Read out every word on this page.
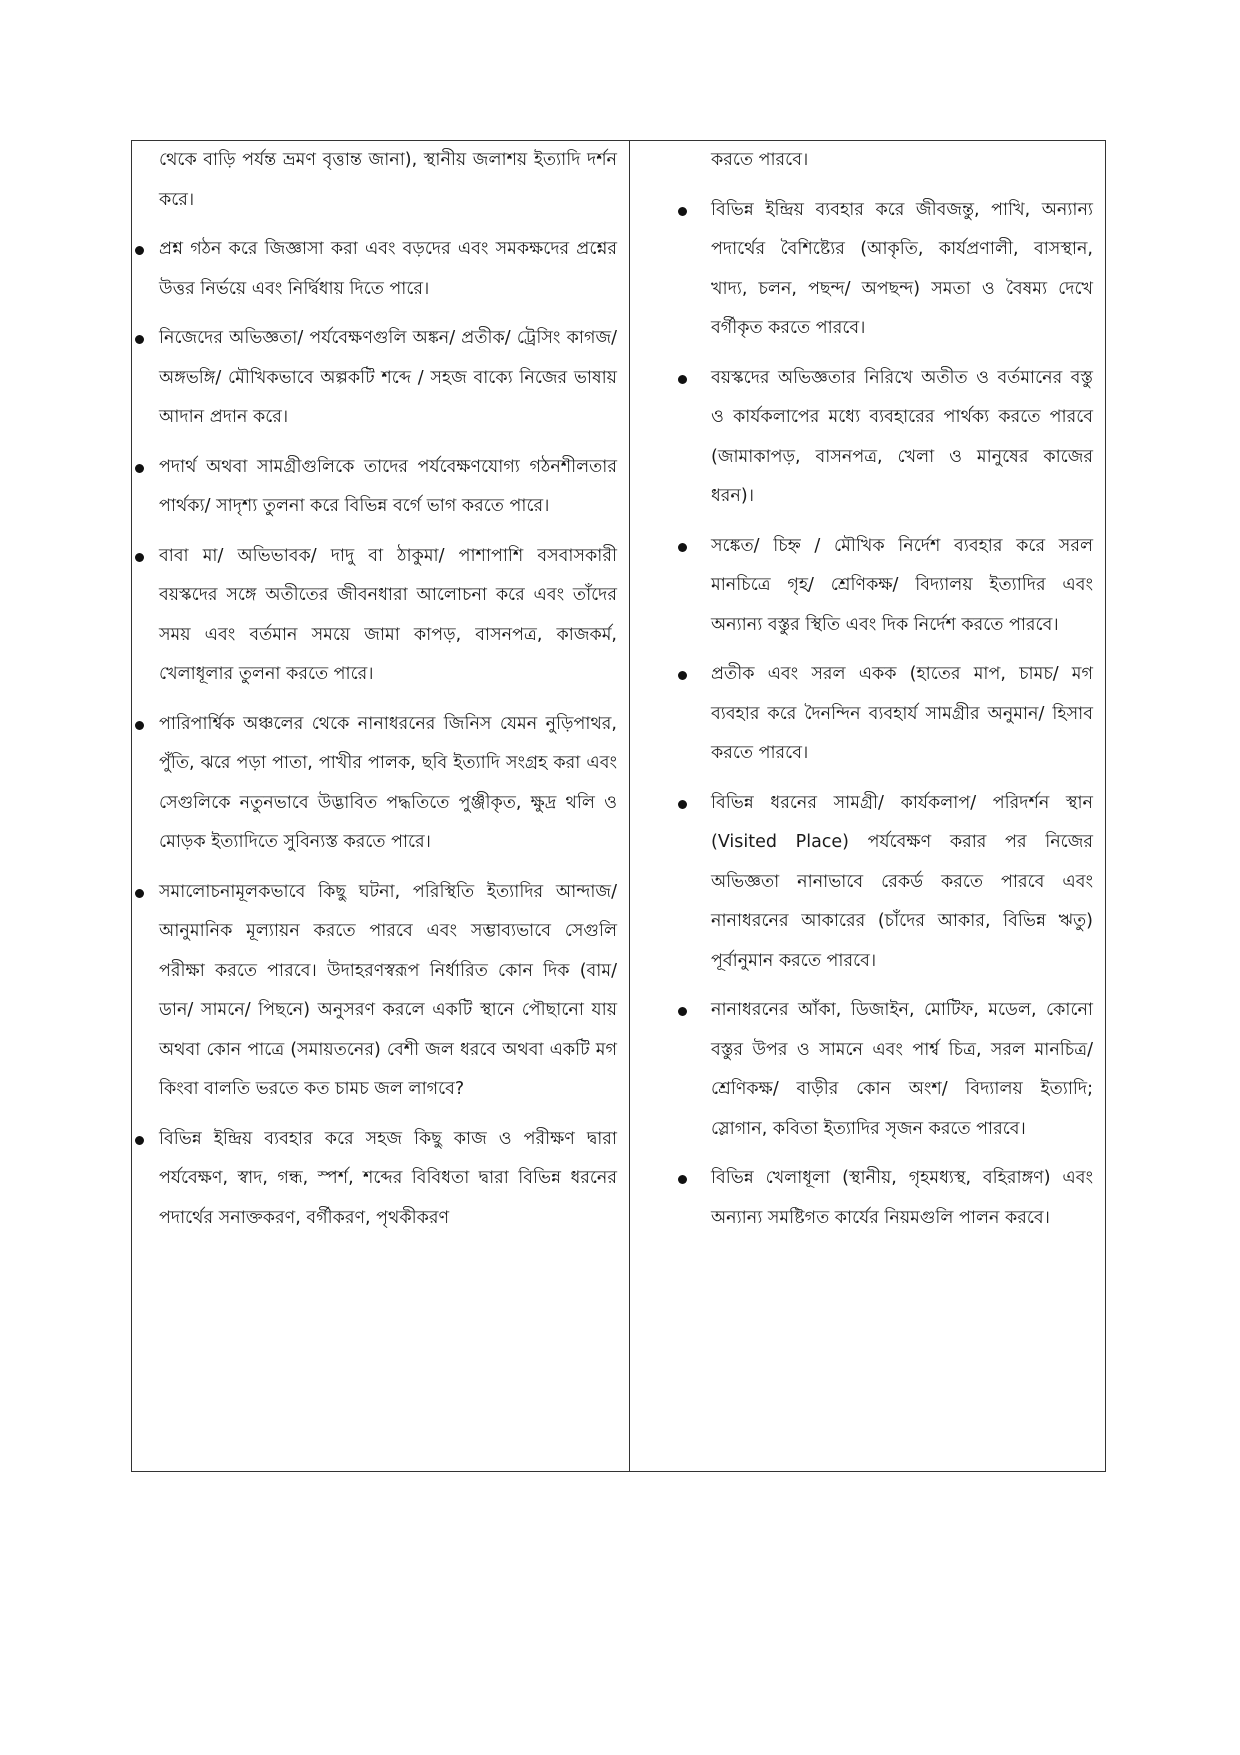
থেকে বাড়ি পর্যন্ত ভ্রমণ বৃত্তান্ত জানা), স্থানীয় জলাশয় ইত্যাদি দর্শন করে।

প্রশ্ন গঠন করে জিজ্ঞাসা করা এবং বড়দের এবং সমকক্ষদের প্রশ্নের উত্তর নির্ভয়ে এবং নির্দ্বিধায় দিতে পারে।
নিজেদের অভিজ্ঞতা/ পর্যবেক্ষণগুলি অঙ্কন/ প্রতীক/ ট্রেসিং কাগজ/ অঙ্গভঙ্গি/ মৌখিকভাবে অল্পকটি শব্দে / সহজ বাক্যে নিজের ভাষায় আদান প্রদান করে।
পদার্থ অথবা সামগ্রীগুলিকে তাদের পর্যবেক্ষণযোগ্য গঠনশীলতার পার্থক্য/ সাদৃশ্য তুলনা করে বিভিন্ন বর্গে ভাগ করতে পারে।
বাবা মা/ অভিভাবক/ দাদু বা ঠাকুমা/ পাশাপাশি বসবাসকারী বয়স্কদের সঙ্গে অতীতের জীবনধারা আলোচনা করে এবং তাঁদের সময় এবং বর্তমান সময়ে জামা কাপড়, বাসনপত্র, কাজকর্ম, খেলাধূলার তুলনা করতে পারে।
পারিপার্শ্বিক অঞ্চলের থেকে নানাধরনের জিনিস যেমন নুড়িপাথর, পুঁতি, ঝরে পড়া পাতা, পাখীর পালক, ছবি ইত্যাদি সংগ্রহ করা এবং সেগুলিকে নতুনভাবে উদ্ভাবিত পদ্ধতিতে পুঞ্জীকৃত, ক্ষুদ্র থলি ও মোড়ক ইত্যাদিতে সুবিন্যস্ত করতে পারে।
সমালোচনামূলকভাবে কিছু ঘটনা, পরিস্থিতি ইত্যাদির আন্দাজ/ আনুমানিক মূল্যায়ন করতে পারবে এবং সম্ভাব্যভাবে সেগুলি পরীক্ষা করতে পারবে। উদাহরণস্বরূপ নির্ধারিত কোন দিক (বাম/ ডান/ সামনে/ পিছনে) অনুসরণ করলে একটি স্থানে পৌছানো যায় অথবা কোন পাত্রে (সমায়তনের) বেশী জল ধরবে অথবা একটি মগ কিংবা বালতি ভরতে কত চামচ জল লাগবে?
বিভিন্ন ইন্দ্রিয় ব্যবহার করে সহজ কিছু কাজ ও পরীক্ষণ দ্বারা পর্যবেক্ষণ, স্বাদ, গন্ধ, স্পর্শ, শব্দের বিবিধতা দ্বারা বিভিন্ন ধরনের পদার্থের সনাক্তকরণ, বর্গীকরণ, পৃথকীকরণ

করতে পারবে।

বিভিন্ন ইন্দ্রিয় ব্যবহার করে জীবজন্তু, পাখি, অন্যান্য পদার্থের বৈশিষ্ট্যের (আকৃতি, কার্যপ্রণালী, বাসস্থান, খাদ্য, চলন, পছন্দ/ অপছন্দ) সমতা ও বৈষম্য দেখে বর্গীকৃত করতে পারবে।
বয়স্কদের অভিজ্ঞতার নিরিখে অতীত ও বর্তমানের বস্তু ও কার্যকলাপের মধ্যে ব্যবহারের পার্থক্য করতে পারবে (জামাকাপড়, বাসনপত্র, খেলা ও মানুষের কাজের ধরন)।
সঙ্কেত/ চিহ্ন / মৌখিক নির্দেশ ব্যবহার করে সরল মানচিত্রে গৃহ/ শ্রেণিকক্ষ/ বিদ্যালয় ইত্যাদির এবং অন্যান্য বস্তুর স্থিতি এবং দিক নির্দেশ করতে পারবে।
প্রতীক এবং সরল একক (হাতের মাপ, চামচ/ মগ ব্যবহার করে দৈনন্দিন ব্যবহার্য সামগ্রীর অনুমান/ হিসাব করতে পারবে।
বিভিন্ন ধরনের সামগ্রী/ কার্যকলাপ/ পরিদর্শন স্থান (Visited Place) পর্যবেক্ষণ করার পর নিজের অভিজ্ঞতা নানাভাবে রেকর্ড করতে পারবে এবং নানাধরনের আকারের (চাঁদের আকার, বিভিন্ন ঋতু) পূর্বানুমান করতে পারবে।
নানাধরনের আঁকা, ডিজাইন, মোটিফ, মডেল, কোনো বস্তুর উপর ও সামনে এবং পার্শ্ব চিত্র, সরল মানচিত্র/ শ্রেণিকক্ষ/ বাড়ীর কোন অংশ/ বিদ্যালয় ইত্যাদি; স্লোগান, কবিতা ইত্যাদির সৃজন করতে পারবে।
বিভিন্ন খেলাধূলা (স্থানীয়, গৃহমধ্যস্থ, বহিরাঙ্গণ) এবং অন্যান্য সমষ্টিগত কার্যের নিয়মগুলি পালন করবে।
